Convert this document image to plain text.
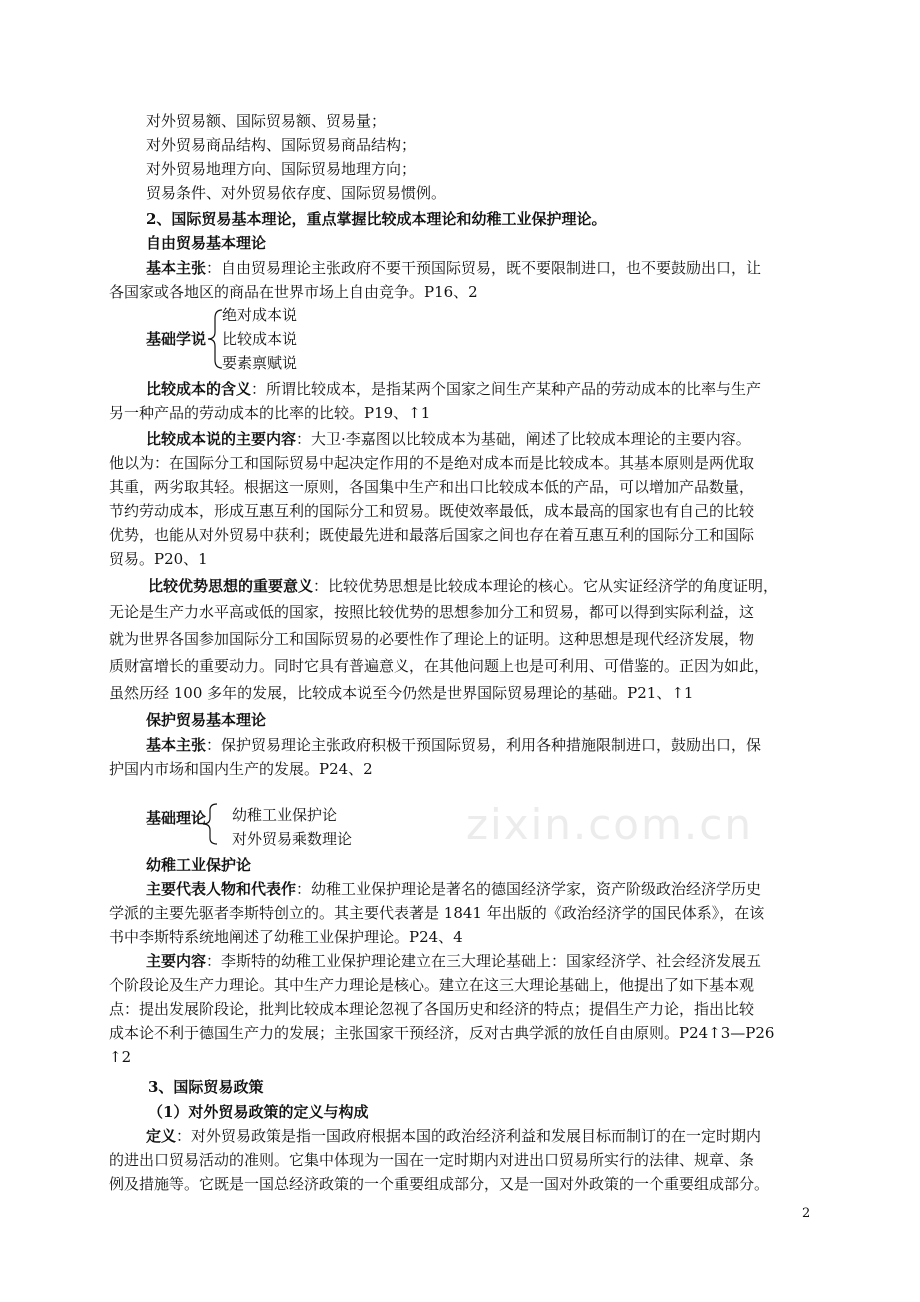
zixin.com.cn
对外贸易额、国际贸易额、贸易量；
对外贸易商品结构、国际贸易商品结构；
对外贸易地理方向、国际贸易地理方向；
贸易条件、对外贸易依存度、国际贸易惯例。
2、国际贸易基本理论，重点掌握比较成本理论和幼稚工业保护理论。
自由贸易基本理论
基本主张：自由贸易理论主张政府不要干预国际贸易，既不要限制进口，也不要鼓励出口，让
各国家或各地区的商品在世界市场上自由竞争。P16、2
基础学说
绝对成本说
比较成本说
要素禀赋说
比较成本的含义：所谓比较成本，是指某两个国家之间生产某种产品的劳动成本的比率与生产
另一种产品的劳动成本的比率的比较。P19、↑1
比较成本说的主要内容：大卫·李嘉图以比较成本为基础，阐述了比较成本理论的主要内容。
他以为：在国际分工和国际贸易中起决定作用的不是绝对成本而是比较成本。其基本原则是两优取
其重，两劣取其轻。根据这一原则，各国集中生产和出口比较成本低的产品，可以增加产品数量，
节约劳动成本，形成互惠互利的国际分工和贸易。既使效率最低，成本最高的国家也有自己的比较
优势，也能从对外贸易中获利；既使最先进和最落后国家之间也存在着互惠互利的国际分工和国际
贸易。P20、1
比较优势思想的重要意义：比较优势思想是比较成本理论的核心。它从实证经济学的角度证明，
无论是生产力水平高或低的国家，按照比较优势的思想参加分工和贸易，都可以得到实际利益，这
就为世界各国参加国际分工和国际贸易的必要性作了理论上的证明。这种思想是现代经济发展，物
质财富增长的重要动力。同时它具有普遍意义，在其他问题上也是可利用、可借鉴的。正因为如此，
虽然历经 100 多年的发展，比较成本说至今仍然是世界国际贸易理论的基础。P21、↑1
保护贸易基本理论
基本主张：保护贸易理论主张政府积极干预国际贸易，利用各种措施限制进口，鼓励出口，保
护国内市场和国内生产的发展。P24、2
基础理论 幼稚工业保护论
对外贸易乘数理论
幼稚工业保护论
主要代表人物和代表作：幼稚工业保护理论是著名的德国经济学家，资产阶级政治经济学历史
学派的主要先驱者李斯特创立的。其主要代表著是 1841 年出版的《政治经济学的国民体系》，在该
书中李斯特系统地阐述了幼稚工业保护理论。P24、4
主要内容：李斯特的幼稚工业保护理论建立在三大理论基础上：国家经济学、社会经济发展五
个阶段论及生产力理论。其中生产力理论是核心。建立在这三大理论基础上，他提出了如下基本观
点：提出发展阶段论，批判比较成本理论忽视了各国历史和经济的特点；提倡生产力论，指出比较
成本论不利于德国生产力的发展；主张国家干预经济，反对古典学派的放任自由原则。P24↑3—P26
↑2
3、国际贸易政策
（1）对外贸易政策的定义与构成
定义：对外贸易政策是指一国政府根据本国的政治经济利益和发展目标而制订的在一定时期内
的进出口贸易活动的准则。它集中体现为一国在一定时期内对进出口贸易所实行的法律、规章、条
例及措施等。它既是一国总经济政策的一个重要组成部分，又是一国对外政策的一个重要组成部分。
2
